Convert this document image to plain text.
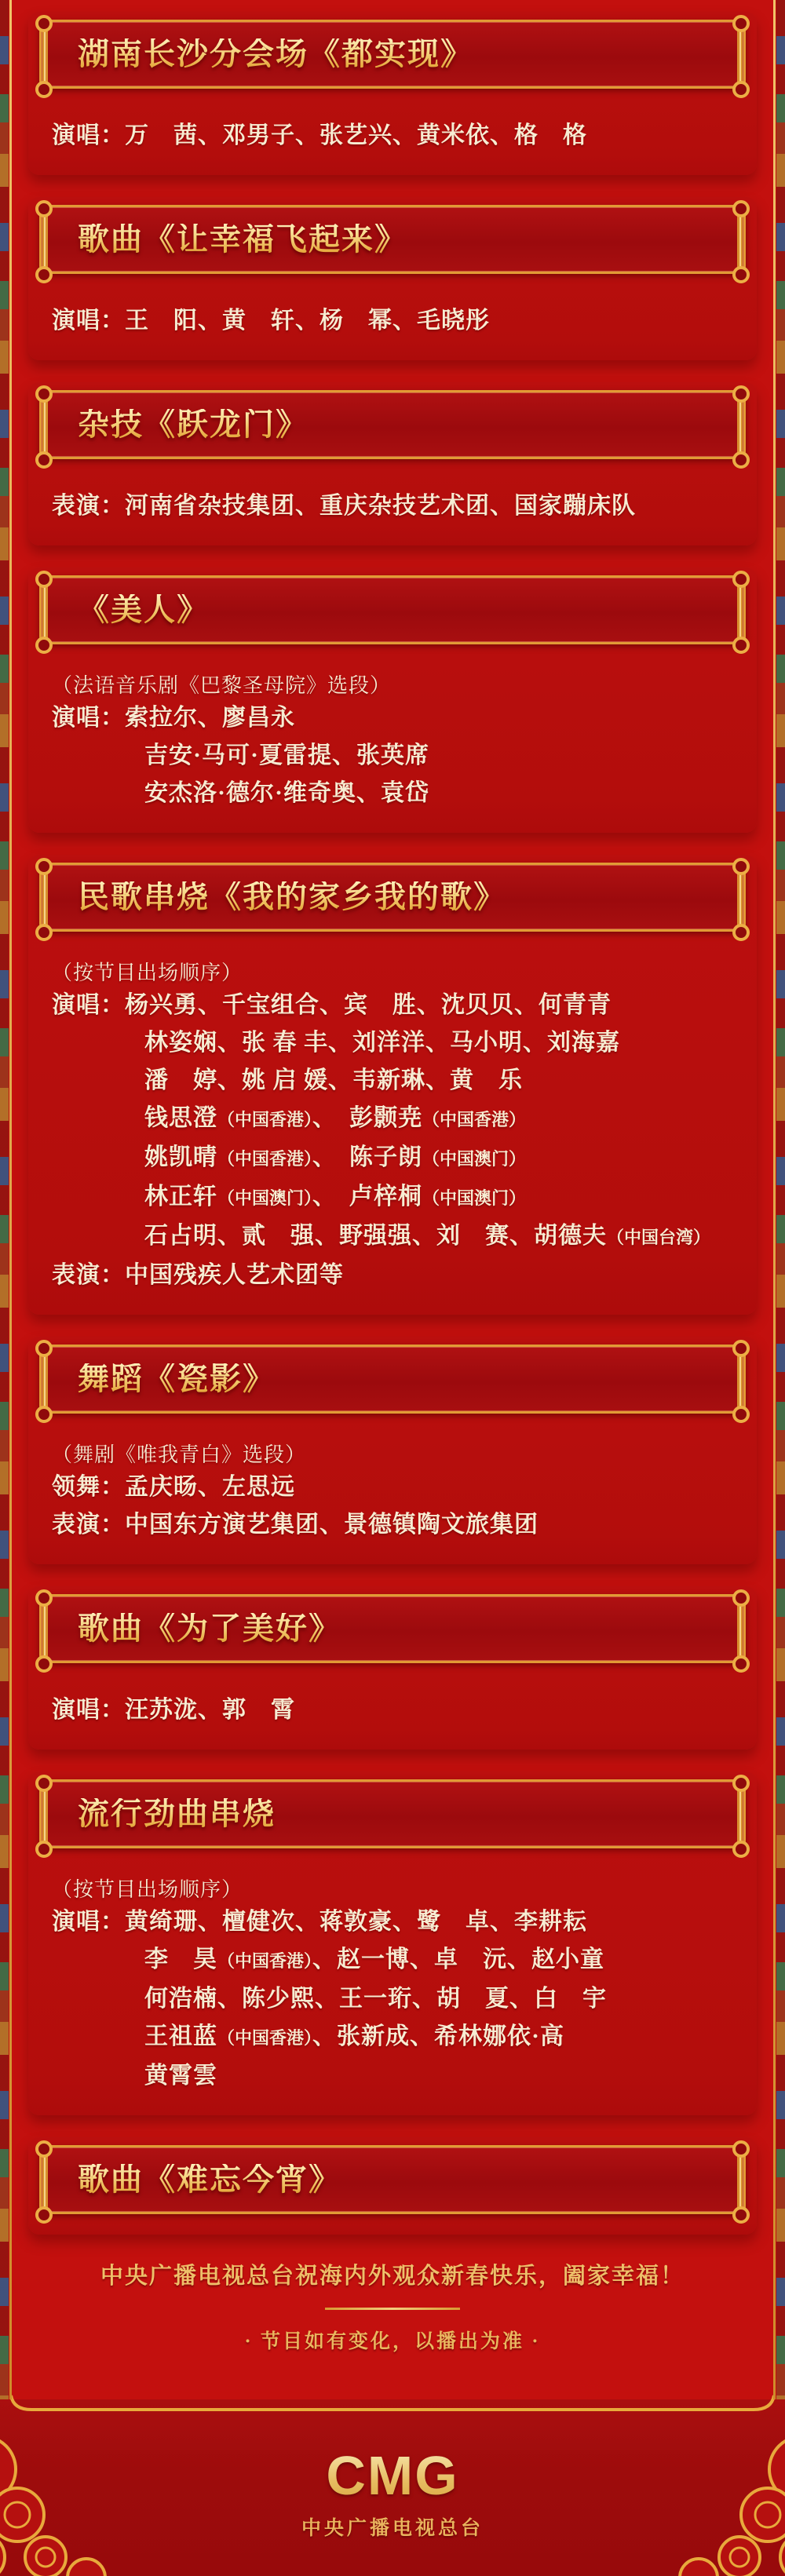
湖南长沙分会场《都实现》
演唱：万　茜、邓男子、张艺兴、黄米依、格　格
歌曲《让幸福飞起来》
演唱：王　阳、黄　轩、杨　幂、毛晓彤
杂技《跃龙门》
表演：河南省杂技集团、重庆杂技艺术团、国家蹦床队
《美人》
（法语音乐剧《巴黎圣母院》选段）
演唱：索拉尔、廖昌永
吉安·马可·夏雷提、张英席
安杰洛·德尔·维奇奥、袁岱
民歌串烧《我的家乡我的歌》
（按节目出场顺序）
演唱：杨兴勇、千宝组合、宾　胜、沈贝贝、何青青
林姿娴、张 春 丰、刘洋洋、马小明、刘海嘉
潘　婷、姚 启 媛、韦新琳、黄　乐
钱思澄（中国香港）、　彭颢尭（中国香港）
姚凯晴（中国香港）、　陈子朗（中国澳门）
林正轩（中国澳门）、　卢梓桐（中国澳门）
石占明、贰　强、野强强、刘　赛、胡德夫（中国台湾）
表演：中国残疾人艺术团等
舞蹈《瓷影》
（舞剧《唯我青白》选段）
领舞：孟庆旸、左思远
表演：中国东方演艺集团、景德镇陶文旅集团
歌曲《为了美好》
演唱：汪苏泷、郭　霄
流行劲曲串烧
（按节目出场顺序）
演唱：黄绮珊、檀健次、蒋敦豪、鹭　卓、李耕耘
李　昊（中国香港）、赵一博、卓　沅、赵小童
何浩楠、陈少熙、王一珩、胡　夏、白　宇
王祖蓝（中国香港）、张新成、希林娜依·高
黄霄雲
歌曲《难忘今宵》
中央广播电视总台祝海内外观众新春快乐，阖家幸福！
· 节目如有变化，以播出为准 ·
CMG
中央广播电视总台
